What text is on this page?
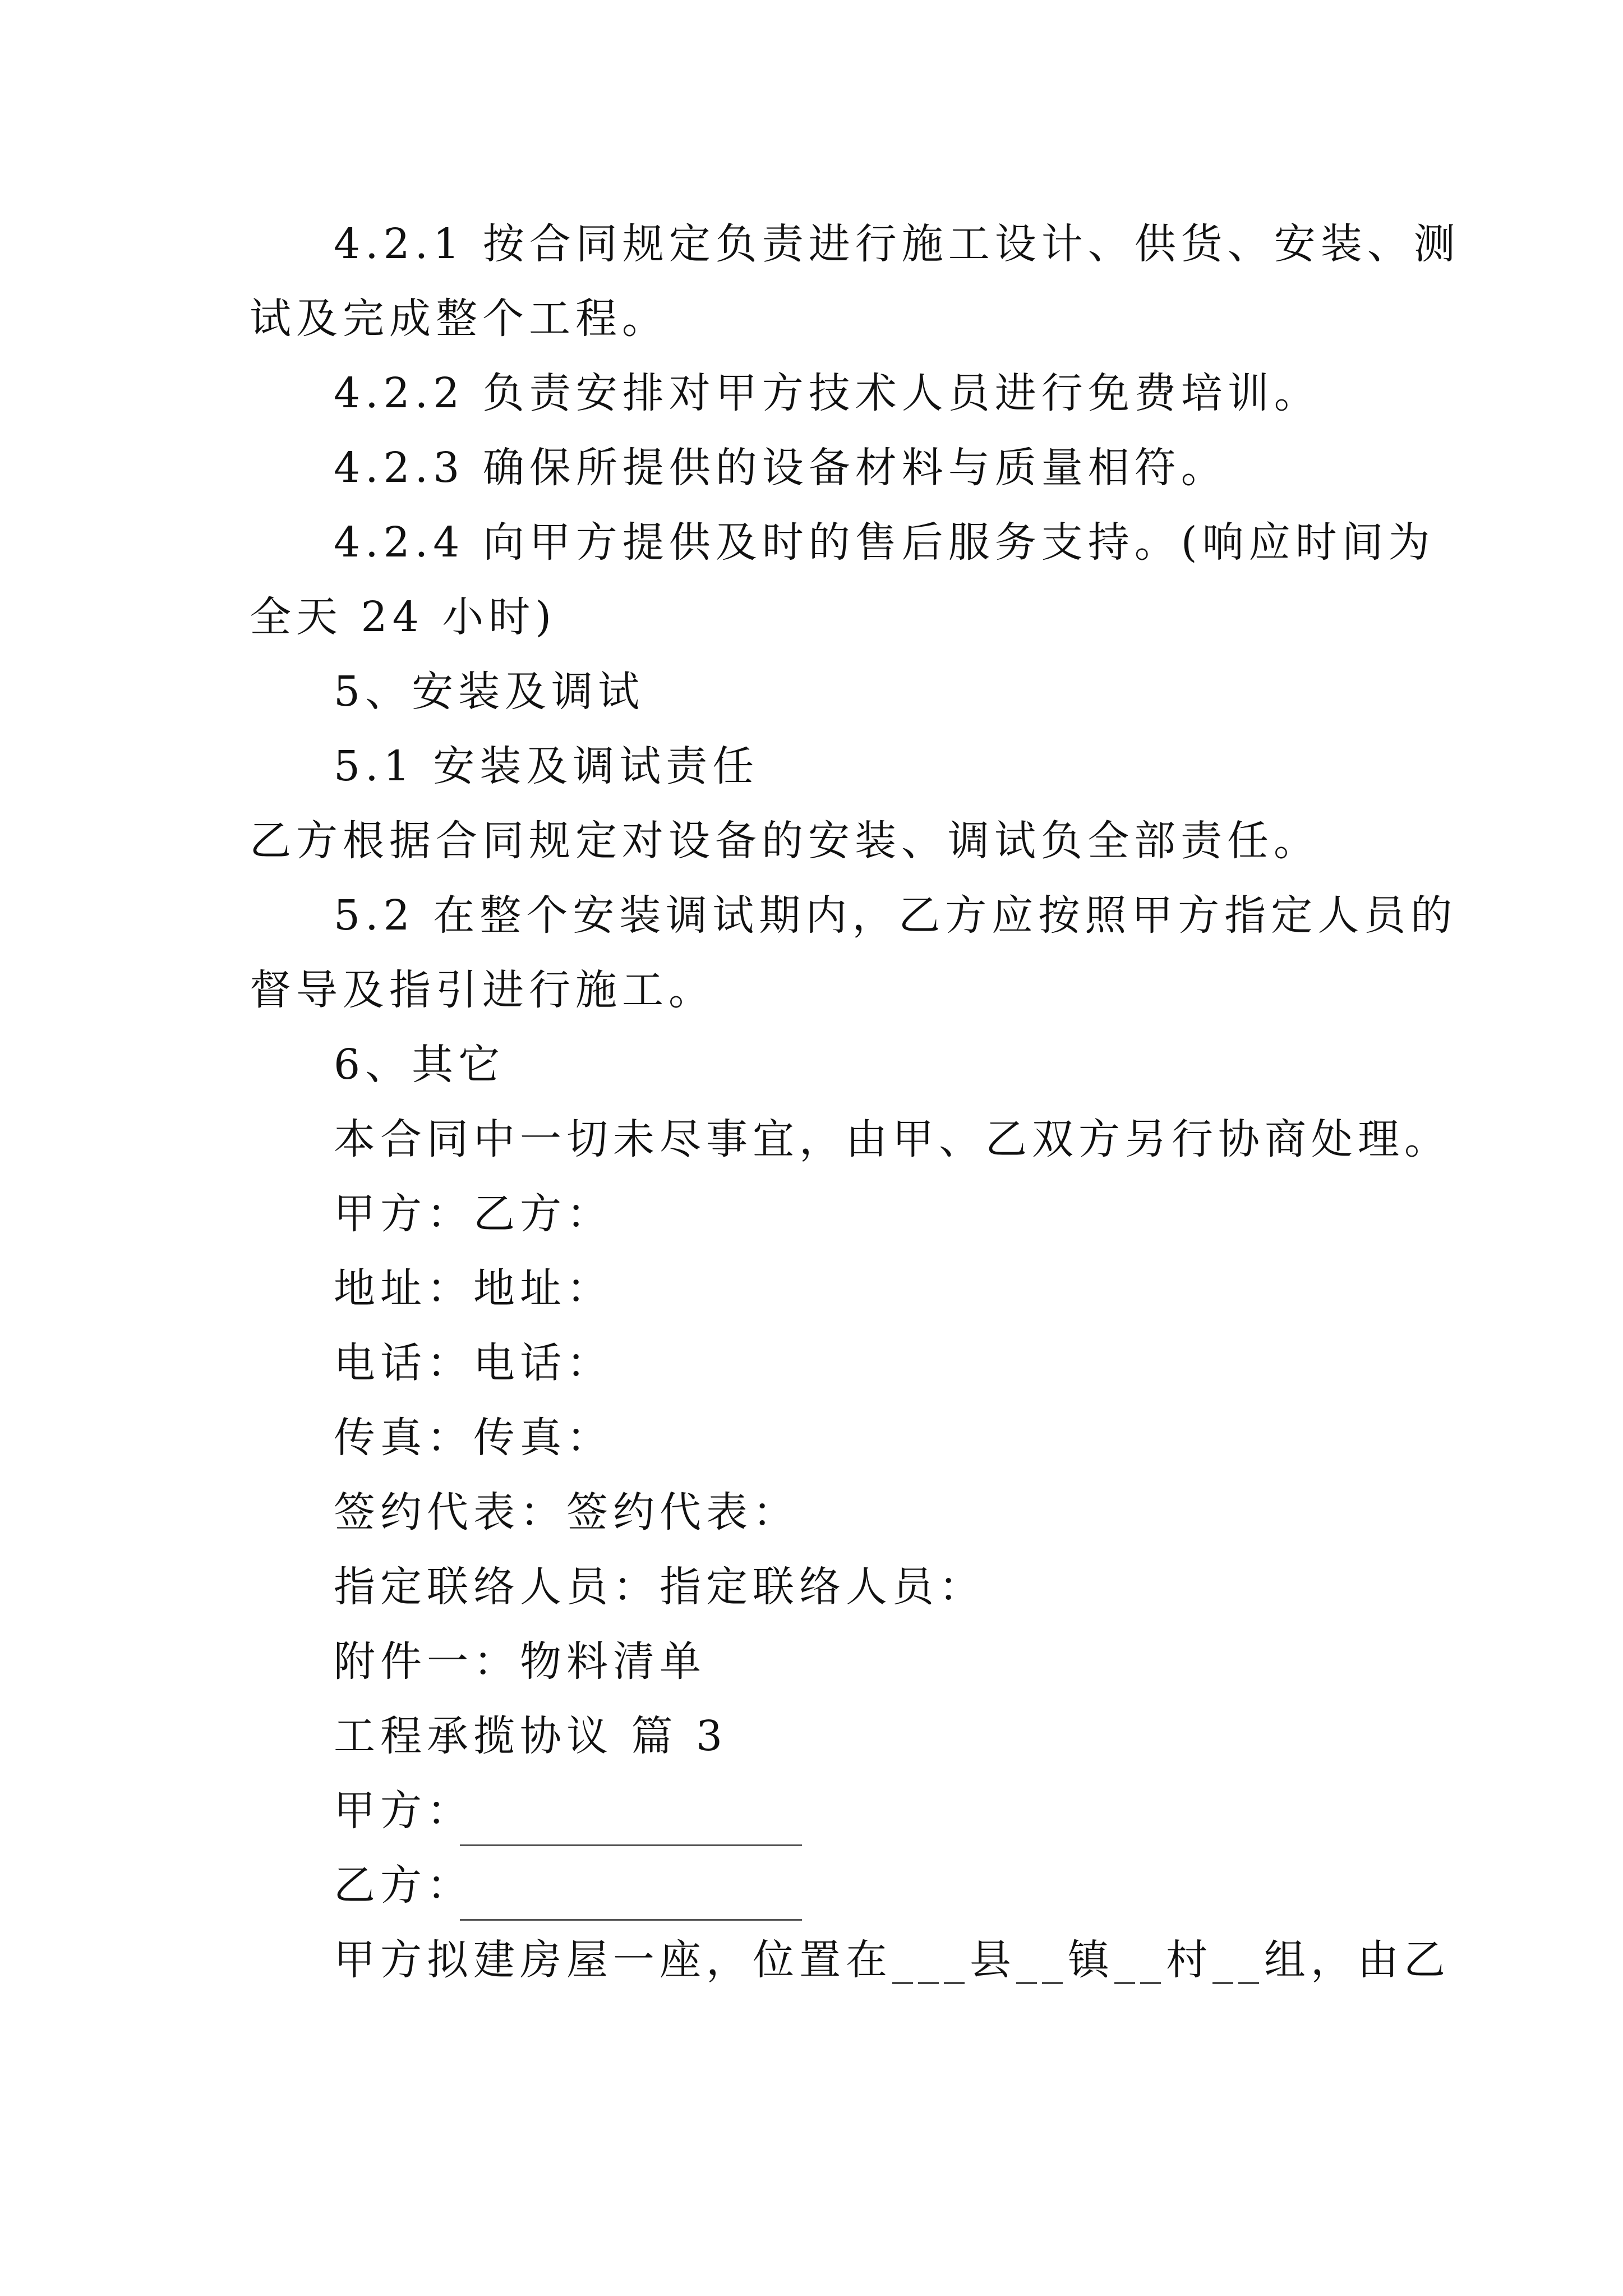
4.2.1 按合同规定负责进行施工设计、供货、安装、测
试及完成整个工程。
4.2.2 负责安排对甲方技术人员进行免费培训。
4.2.3 确保所提供的设备材料与质量相符。
4.2.4 向甲方提供及时的售后服务支持。(响应时间为
全天 24 小时)
5、安装及调试
5.1 安装及调试责任
乙方根据合同规定对设备的安装、调试负全部责任。
5.2 在整个安装调试期内，乙方应按照甲方指定人员的
督导及指引进行施工。
6、其它
本合同中一切未尽事宜，由甲、乙双方另行协商处理。
甲方：乙方：
地址：地址：
电话：电话：
传真：传真：
签约代表：签约代表：
指定联络人员：指定联络人员：
附件一：物料清单
工程承揽协议 篇 3
甲方：
乙方：
甲方拟建房屋一座，位置在___县__镇__村__组，由乙
